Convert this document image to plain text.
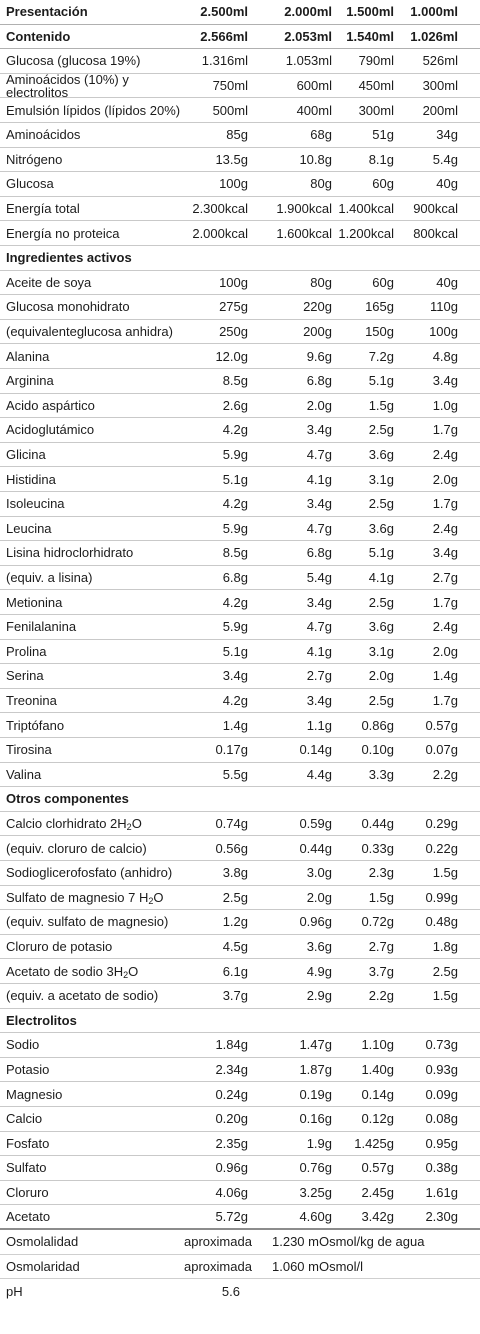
Presentación	2.500ml	2.000ml 1.500ml 1.000ml
Contenido	2.566ml	2.053ml 1.540ml 1.026ml
Glucosa (glucosa 19%)	1.316ml	1.053ml 790ml 526ml
Aminoácidos (10%) y electrolitos	750ml	600ml 450ml 300ml
Emulsión lípidos (lípidos 20%) 500ml	400ml 300ml 200ml
Aminoácidos	85g	68g	51g	34g
Nitrógeno	13.5g	10.8g	8.1g	5.4g
Glucosa	100g	80g	60g	40g
Energía total	2.300kcal 1.900kcal 1.400kcal 900kcal
Energía no proteica	2.000kcal 1.600kcal 1.200kcal 800kcal
Ingredientes activos
Aceite de soya	100g	80g	60g	40g
Glucosa monohidrato	275g	220g	165g	110g
(equivalenteglucosa anhidra)	250g	200g	150g	100g
Alanina	12.0g	9.6g	7.2g	4.8g
Arginina	8.5g	6.8g	5.1g	3.4g
Acido aspártico	2.6g	2.0g	1.5g	1.0g
Acidoglutámico	4.2g	3.4g	2.5g	1.7g
Glicina	5.9g	4.7g	3.6g	2.4g
Histidina	5.1g	4.1g	3.1g	2.0g
Isoleucina	4.2g	3.4g	2.5g	1.7g
Leucina	5.9g	4.7g	3.6g	2.4g
Lisina hidroclorhidrato	8.5g	6.8g	5.1g	3.4g
(equiv. a lisina)	6.8g	5.4g	4.1g	2.7g
Metionina	4.2g	3.4g	2.5g	1.7g
Fenilalanina	5.9g	4.7g	3.6g	2.4g
Prolina	5.1g	4.1g	3.1g	2.0g
Serina	3.4g	2.7g	2.0g	1.4g
Treonina	4.2g	3.4g	2.5g	1.7g
Triptófano	1.4g	1.1g 0.86g 0.57g
Tirosina	0.17g	0.14g 0.10g 0.07g
Valina	5.5g	4.4g	3.3g	2.2g
Otros componentes
Calcio clorhidrato $2H_2O$	0.74g	0.59g 0.44g 0.29g
(equiv. cloruro de calcio)	0.56g	0.44g 0.33g 0.22g
Sodioglicerofosfato (anhidro)	3.8g	3.0g	2.3g	1.5g
Sulfato de magnesio 7 $H_2O$	2.5g	2.0g	1.5g 0.99g
(equiv. sulfato de magnesio)	1.2g	0.96g 0.72g 0.48g
Cloruro de potasio	4.5g	3.6g	2.7g	1.8g
Acetato de sodio $3H_2O$	6.1g	4.9g	3.7g	2.5g
(equiv. a acetato de sodio)	3.7g	2.9g	2.2g	1.5g
Electrolitos
Sodio	1.84g	1.47g 1.10g 0.73g
Potasio	2.34g	1.87g 1.40g 0.93g
Magnesio	0.24g	0.19g 0.14g 0.09g
Calcio	0.20g	0.16g 0.12g 0.08g
Fosfato	2.35g	1.9g 1.425g 0.95g
Sulfato	0.96g	0.76g 0.57g 0.38g
Cloruro	4.06g	3.25g 2.45g 1.61g
Acetato	5.72g	4.60g 3.42g 2.30g
Osmolalidad	aproximada 1.230 mOsmol/kg de agua
Osmolaridad	aproximada 1.060 mOsmol/l
pH	5.6
